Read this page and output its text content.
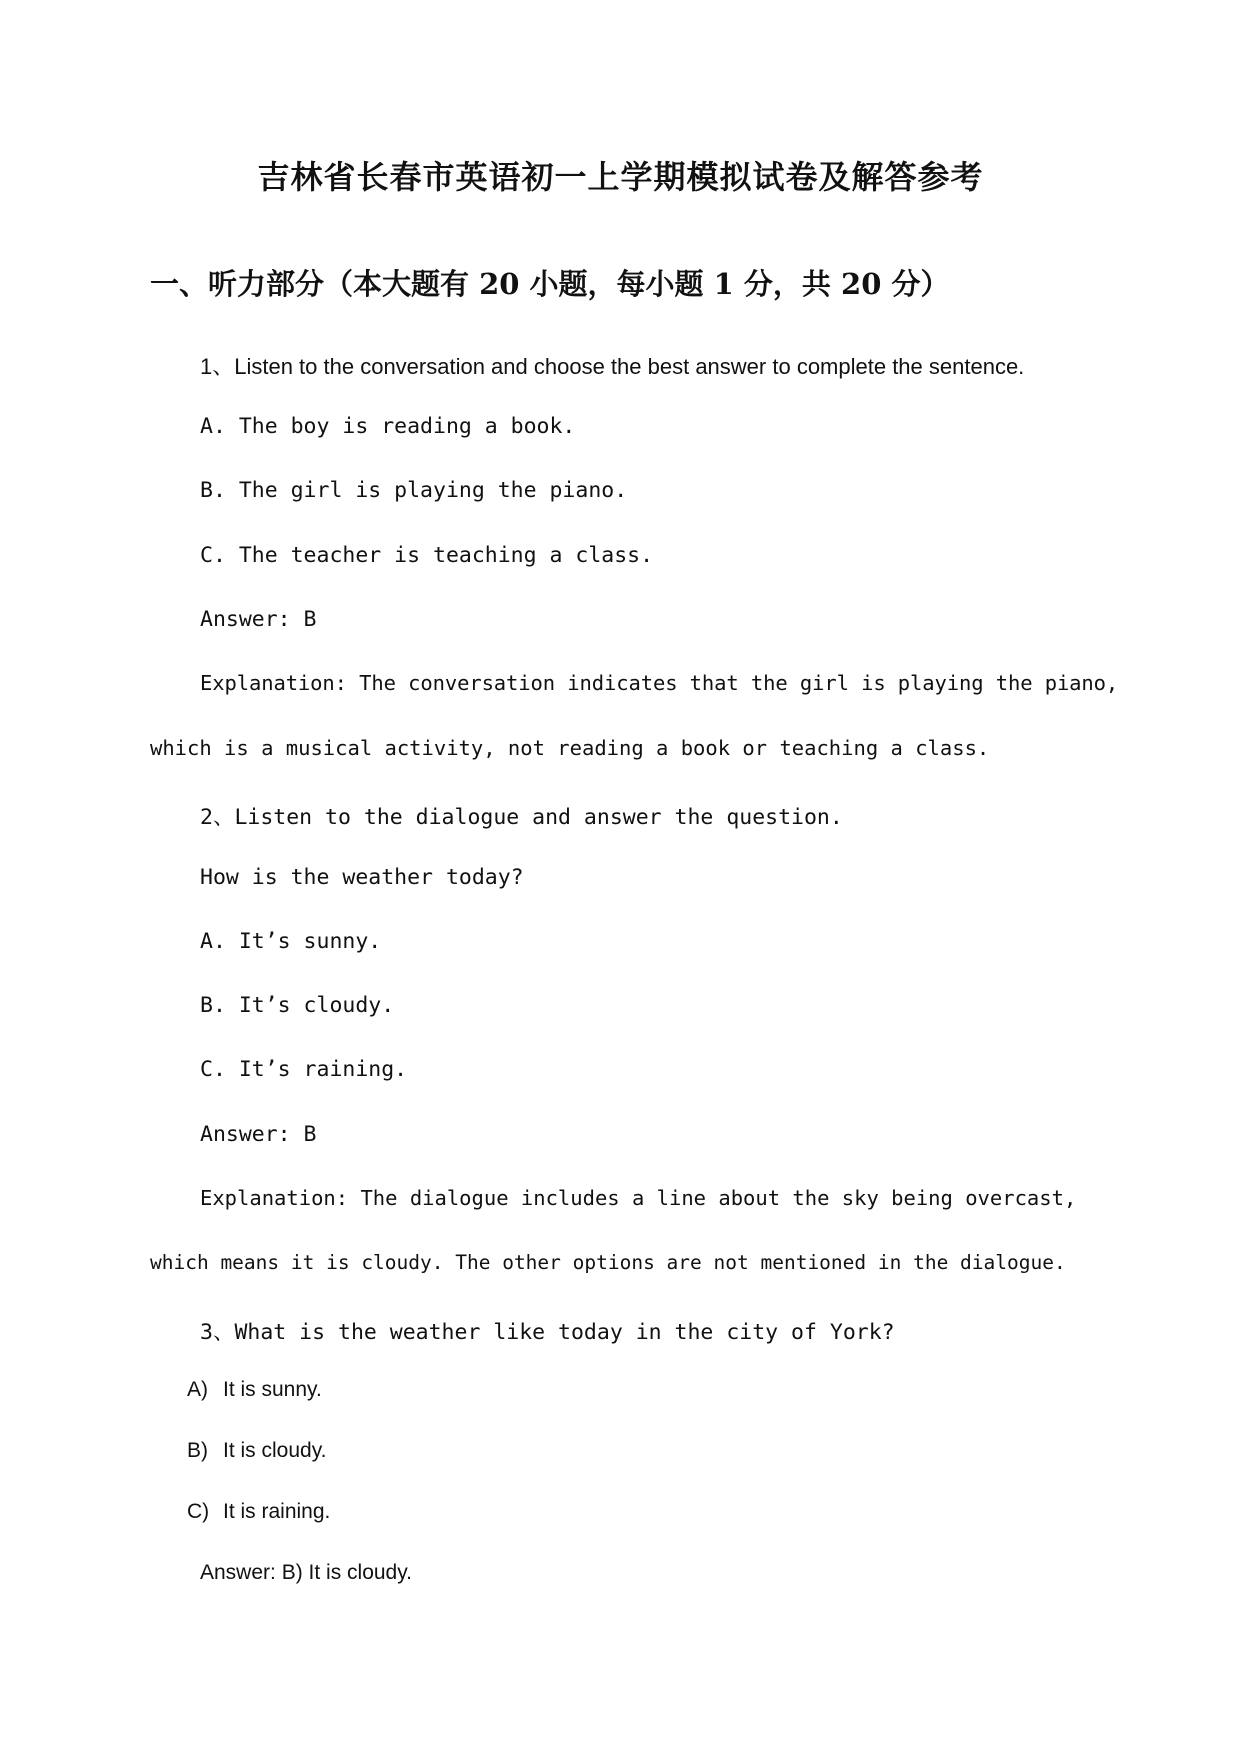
吉林省长春市英语初一上学期模拟试卷及解答参考
一、听力部分（本大题有 20 小题，每小题 1 分，共 20 分）

1、Listen to the conversation and choose the best answer to complete the sentence.

A. The boy is reading a book.

B. The girl is playing the piano.

C. The teacher is teaching a class.

Answer: B

Explanation: The conversation indicates that the girl is playing the piano,

which is a musical activity, not reading a book or teaching a class.

2、Listen to the dialogue and answer the question.

How is the weather today?

A. It’s sunny.

B. It’s cloudy.

C. It’s raining.

Answer: B

Explanation: The dialogue includes a line about the sky being overcast,

which means it is cloudy. The other options are not mentioned in the dialogue.

3、What is the weather like today in the city of York?

A) It is sunny.

B) It is cloudy.

C) It is raining.

Answer: B) It is cloudy.
